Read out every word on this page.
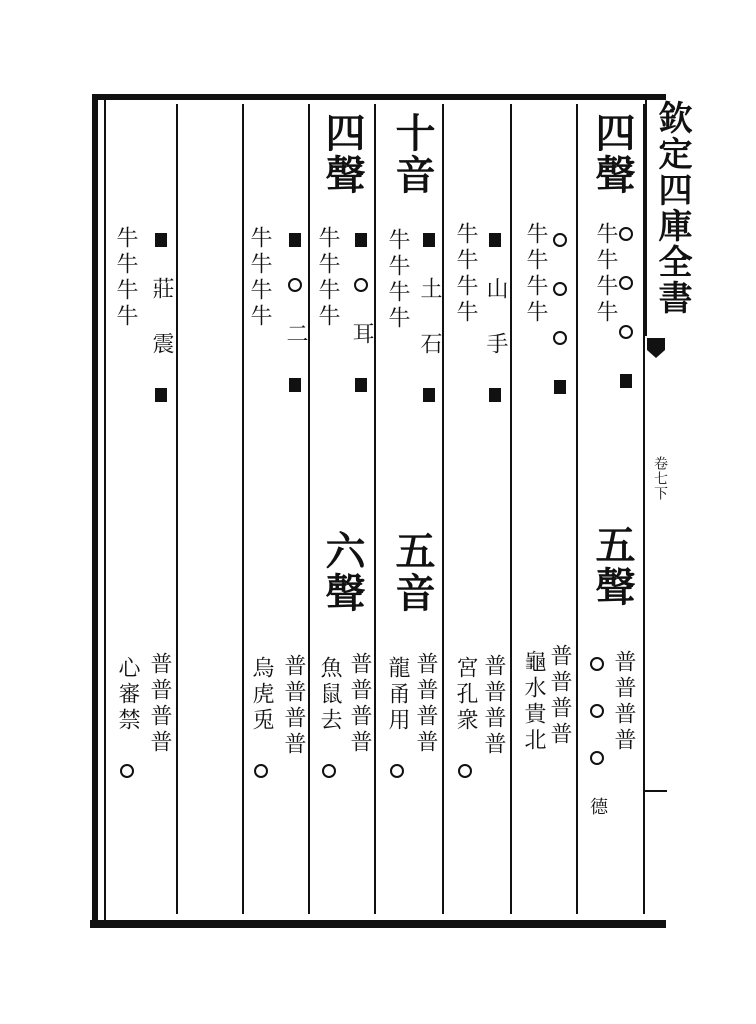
欽定四庫全書
卷七下
四聲
牛牛牛牛

五聲
普普普普
德
牛牛牛牛

普普普普
龜水貴北
牛牛牛牛 山 手
普普普普
宮孔衆
十音
牛牛牛牛 土 石
五音
普普普普
龍甬用
四聲
牛牛牛牛
耳
六聲
普普普普
魚鼠去
牛牛牛牛
二
普普普普
烏虎兎
牛牛牛牛 莊 震
普普普普
心審禁
